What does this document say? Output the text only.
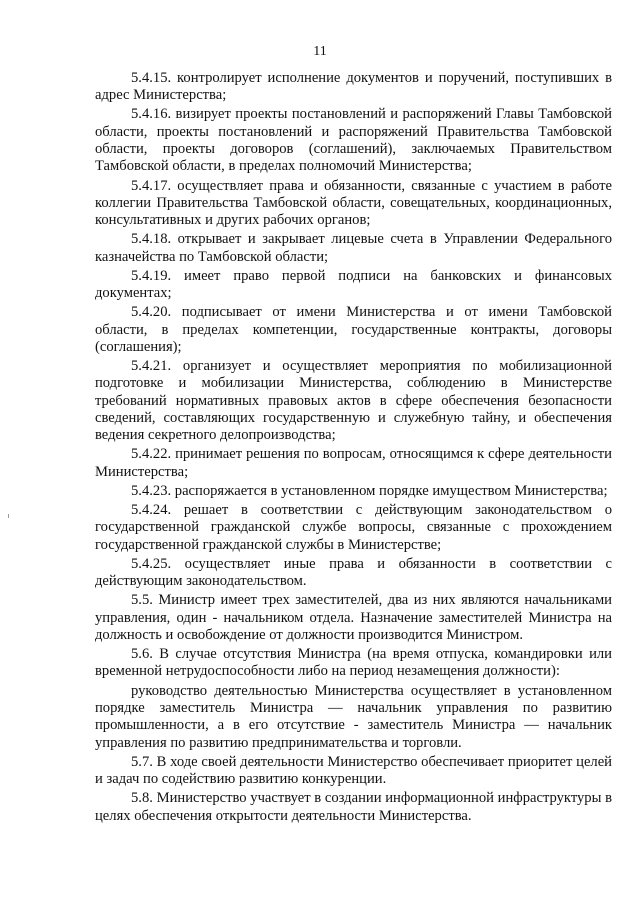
11

5.4.15. контролирует исполнение документов и поручений, поступивших в адрес Министерства;

5.4.16. визирует проекты постановлений и распоряжений Главы Тамбовской области, проекты постановлений и распоряжений Правительства Тамбовской области, проекты договоров (соглашений), заключаемых Правительством Тамбовской области, в пределах полномочий Министерства;

5.4.17. осуществляет права и обязанности, связанные с участием в работе коллегии Правительства Тамбовской области, совещательных, координационных, консультативных и других рабочих органов;

5.4.18. открывает и закрывает лицевые счета в Управлении Федерального казначейства по Тамбовской области;

5.4.19. имеет право первой подписи на банковских и финансовых документах;

5.4.20. подписывает от имени Министерства и от имени Тамбовской области, в пределах компетенции, государственные контракты, договоры (соглашения);

5.4.21. организует и осуществляет мероприятия по мобилизационной подготовке и мобилизации Министерства, соблюдению в Министерстве требований нормативных правовых актов в сфере обеспечения безопасности сведений, составляющих государственную и служебную тайну, и обеспечения ведения секретного делопроизводства;

5.4.22. принимает решения по вопросам, относящимся к сфере деятельности Министерства;

5.4.23. распоряжается в установленном порядке имуществом Министерства;

5.4.24. решает в соответствии с действующим законодательством о государственной гражданской службе вопросы, связанные с прохождением государственной гражданской службы в Министерстве;

5.4.25. осуществляет иные права и обязанности в соответствии с действующим законодательством.

5.5. Министр имеет трех заместителей, два из них являются начальниками управления, один - начальником отдела. Назначение заместителей Министра на должность и освобождение от должности производится Министром.

5.6. В случае отсутствия Министра (на время отпуска, командировки или временной нетрудоспособности либо на период незамещения должности):

руководство деятельностью Министерства осуществляет в установленном порядке заместитель Министра — начальник управления по развитию промышленности, а в его отсутствие - заместитель Министра — начальник управления по развитию предпринимательства и торговли.

5.7. В ходе своей деятельности Министерство обеспечивает приоритет целей и задач по содействию развитию конкуренции.

5.8. Министерство участвует в создании информационной инфраструктуры в целях обеспечения открытости деятельности Министерства.
